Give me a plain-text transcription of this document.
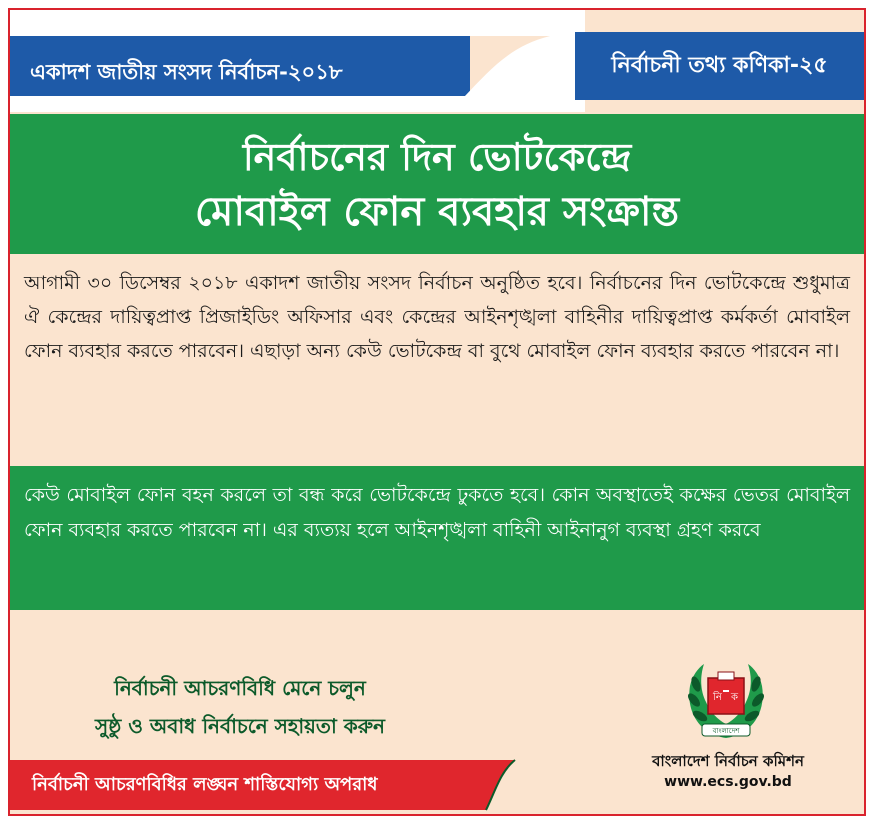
একাদশ জাতীয় সংসদ নির্বাচন-২০১৮	নির্বাচনী তথ্য কণিকা-২৫
নির্বাচনের দিন ভোটকেন্দ্রে
মোবাইল ফোন ব্যবহার সংক্রান্ত
আগামী ৩০ ডিসেম্বর ২০১৮ একাদশ জাতীয় সংসদ নির্বাচন অনুষ্ঠিত হবে। নির্বাচনের দিন ভোটকেন্দ্রে শুধুমাত্র ঐ কেন্দ্রের দায়িত্বপ্রাপ্ত প্রিজাইডিং অফিসার এবং কেন্দ্রের আইনশৃঙ্খলা বাহিনীর দায়িত্বপ্রাপ্ত কর্মকর্তা মোবাইল ফোন ব্যবহার করতে পারবেন। এছাড়া অন্য কেউ ভোটকেন্দ্র বা বুথে মোবাইল ফোন ব্যবহার করতে পারবেন না।
কেউ মোবাইল ফোন বহন করলে তা বন্ধ করে ভোটকেন্দ্রে ঢুকতে হবে। কোন অবস্থাতেই কক্ষের ভেতর মোবাইল ফোন ব্যবহার করতে পারবেন না। এর ব্যত্যয় হলে আইনশৃঙ্খলা বাহিনী আইনানুগ ব্যবস্থা গ্রহণ করবে
নির্বাচনী আচরণবিধি মেনে চলুন
সুষ্ঠু ও অবাধ নির্বাচনে সহায়তা করুন
নির্বাচনী আচরণবিধির লঙ্ঘন শাস্তিযোগ্য অপরাধ
নি ক
বাংলাদেশ
বাংলাদেশ নির্বাচন কমিশন
www.ecs.gov.bd
